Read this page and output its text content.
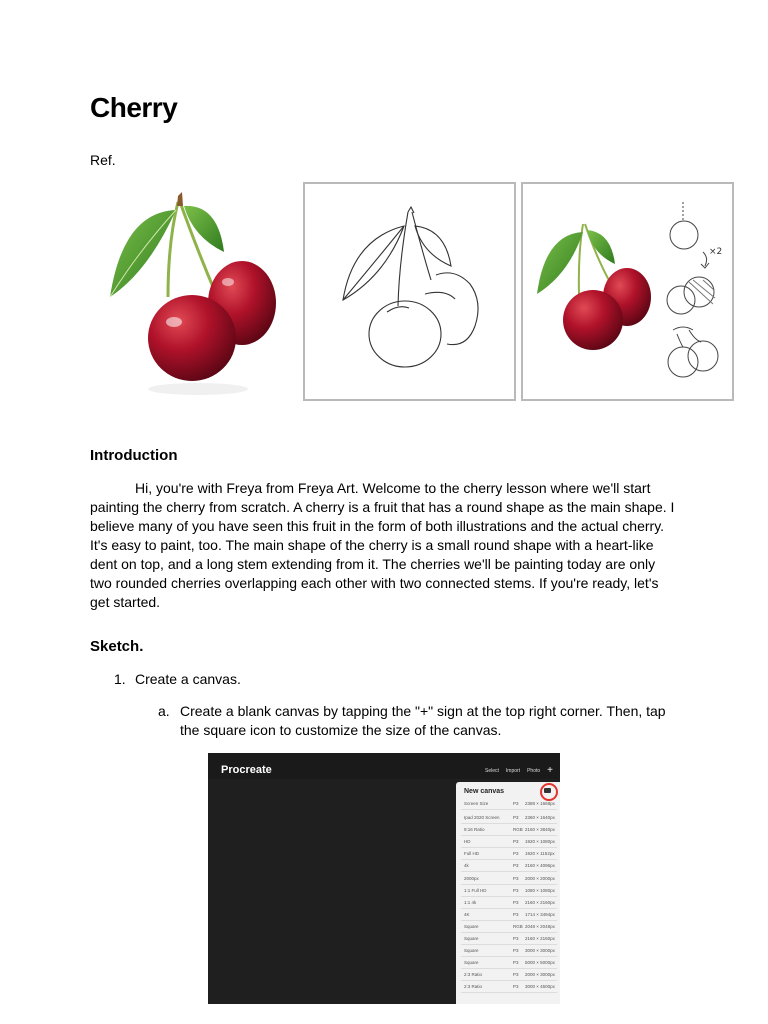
Cherry
Ref.
×2
Introduction

Hi, you're with Freya from Freya Art. Welcome to the cherry lesson where we'll start painting the cherry from scratch. A cherry is a fruit that has a round shape as the main shape. I believe many of you have seen this fruit in the form of both illustrations and the actual cherry. It's easy to paint, too. The main shape of the cherry is a small round shape with a heart-like dent on top, and a long stem extending from it. The cherries we'll be painting today are only two rounded cherries overlapping each other with two connected stems. If you're ready, let's get started.

Sketch.
1. Create a canvas.
a. Create a blank canvas by tapping the "+" sign at the top right corner. Then, tap the square icon to customize the size of the canvas.
Procreate	Select Import Photo +
New canvas
Screen Size	P3 2388 × 1668px
Ipad 2020 Screen	P3 2360 × 1640px
9:16 Ratio	RGB 2160 × 3840px
HD	P3 1920 × 1080px
Full HD	P3 1920 × 1152px
4k	P3 2160 × 4096px
2000px	P3 2000 × 2000px
1:1 Full HD	P3 1080 × 1080px
1:1 4k	P3 2160 × 2160px
4K	P3 1714 × 3494px
Square	RGB 2048 × 2048px
Square	P3 2160 × 2160px
Square	P3 3000 × 3000px
Square	P3 5000 × 5000px
2:3 Ratio	P3 2000 × 3000px
2:3 Ratio	P3 3000 × 4500px
